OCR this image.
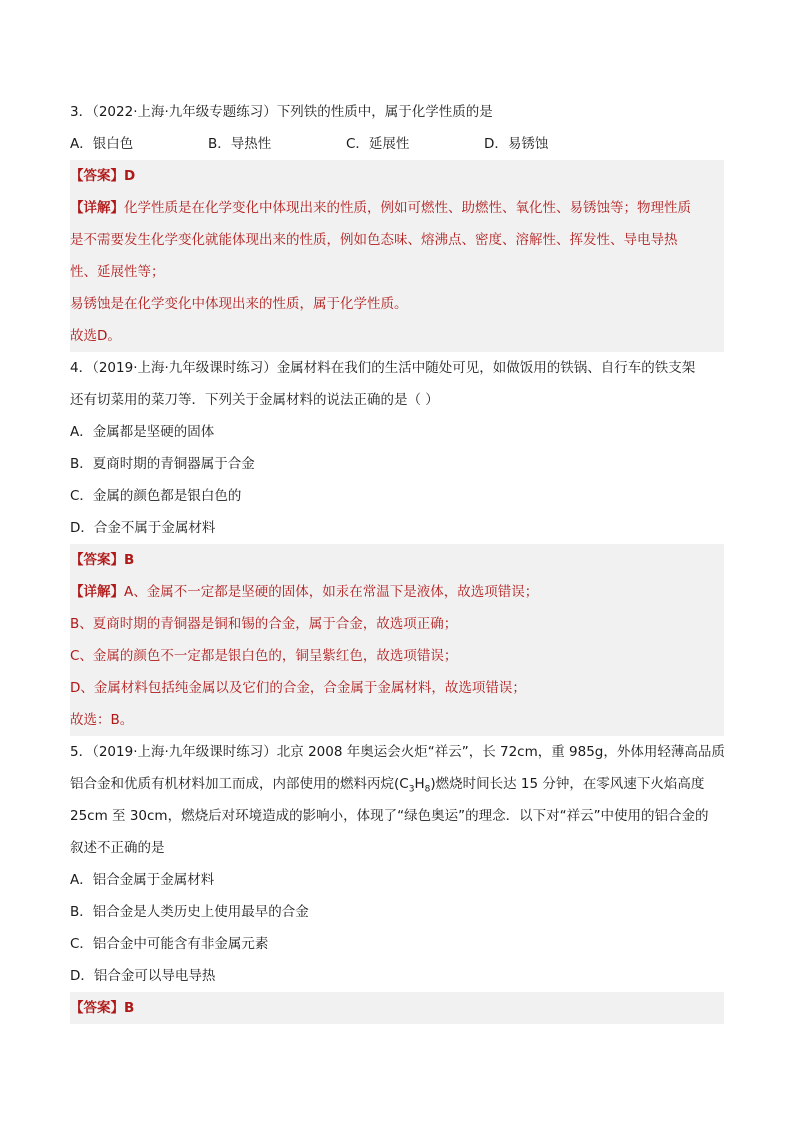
3．（2022·上海·九年级专题练习）下列铁的性质中，属于化学性质的是
A．银白色	B．导热性	C．延展性	D．易锈蚀
【答案】D
【详解】化学性质是在化学变化中体现出来的性质，例如可燃性、助燃性、氧化性、易锈蚀等；物理性质
是不需要发生化学变化就能体现出来的性质，例如色态味、熔沸点、密度、溶解性、挥发性、导电导热
性、延展性等；
易锈蚀是在化学变化中体现出来的性质，属于化学性质。
故选D。
4．（2019·上海·九年级课时练习）金属材料在我们的生活中随处可见，如做饭用的铁锅、自行车的铁支架
还有切菜用的菜刀等．下列关于金属材料的说法正确的是（ ）
A．金属都是坚硬的固体
B．夏商时期的青铜器属于合金
C．金属的颜色都是银白色的
D．合金不属于金属材料
【答案】B
【详解】A、金属不一定都是坚硬的固体，如汞在常温下是液体，故选项错误；
B、夏商时期的青铜器是铜和锡的合金，属于合金，故选项正确；
C、金属的颜色不一定都是银白色的，铜呈紫红色，故选项错误；
D、金属材料包括纯金属以及它们的合金，合金属于金属材料，故选项错误；
故选：B。
5．（2019·上海·九年级课时练习）北京 2008 年奥运会火炬“祥云”，长 72cm，重 985g，外体用轻薄高品质
铝合金和优质有机材料加工而成，内部使用的燃料丙烷$(C_3H_8)$燃烧时间长达 15 分钟，在零风速下火焰高度
25cm 至 30cm，燃烧后对环境造成的影响小，体现了“绿色奥运”的理念．以下对“祥云”中使用的铝合金的
叙述不正确的是
A．铝合金属于金属材料
B．铝合金是人类历史上使用最早的合金
C．铝合金中可能含有非金属元素
D．铝合金可以导电导热
【答案】B
